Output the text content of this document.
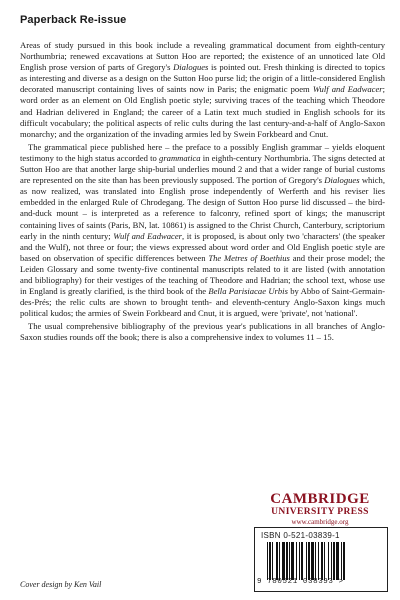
Paperback Re-issue

Areas of study pursued in this book include a revealing grammatical document from eighth-century Northumbria; renewed excavations at Sutton Hoo are reported; the existence of an unnoticed late Old English prose version of parts of Gregory's Dialogues is pointed out. Fresh thinking is directed to topics as interesting and diverse as a design on the Sutton Hoo purse lid; the origin of a little-considered English decorated manuscript containing lives of saints now in Paris; the enigmatic poem Wulf and Eadwacer; word order as an element on Old English poetic style; surviving traces of the teaching which Theodore and Hadrian delivered in England; the career of a Latin text much studied in English schools for its difficult vocabulary; the political aspects of relic cults during the last century-and-a-half of Anglo-Saxon monarchy; and the organization of the invading armies led by Swein Forkbeard and Cnut.

The grammatical piece published here – the preface to a possibly English grammar – yields eloquent testimony to the high status accorded to grammatica in eighth-century Northumbria. The signs detected at Sutton Hoo are that another large ship-burial underlies mound 2 and that a wider range of burial customs are represented on the site than has been previously supposed. The portion of Gregory's Dialogues which, as now realized, was translated into English prose independently of Werferth and his reviser lies embedded in the enlarged Rule of Chrodegang. The design of Sutton Hoo purse lid discussed – the bird-and-duck mount – is interpreted as a reference to falconry, refined sport of kings; the manuscript containing lives of saints (Paris, BN, lat. 10861) is assigned to the Christ Church, Canterbury, scriptorium early in the ninth century; Wulf and Eadwacer, it is proposed, is about only two 'characters' (the speaker and the Wulf), not three or four; the views expressed about word order and Old English poetic style are based on observation of specific differences between The Metres of Boethius and their prose model; the Leiden Glossary and some twenty-five continental manuscripts related to it are listed (with annotation and bibliography) for their vestiges of the teaching of Theodore and Hadrian; the school text, whose use in England is greatly clarified, is the third book of the Bella Parisiacae Urbis by Abbo of Saint-Germain-des-Prés; the relic cults are shown to brought tenth- and eleventh-century Anglo-Saxon kings much political kudos; the armies of Swein Forkbeard and Cnut, it is argued, were 'private', not 'national'.

The usual comprehensive bibliography of the previous year's publications in all branches of Anglo-Saxon studies rounds off the book; there is also a comprehensive index to volumes 11 – 15.

CAMBRIDGE
UNIVERSITY PRESS
www.cambridge.org
ISBN 0-521-03839-1
9 780521 038393 >
Cover design by Ken Vail
